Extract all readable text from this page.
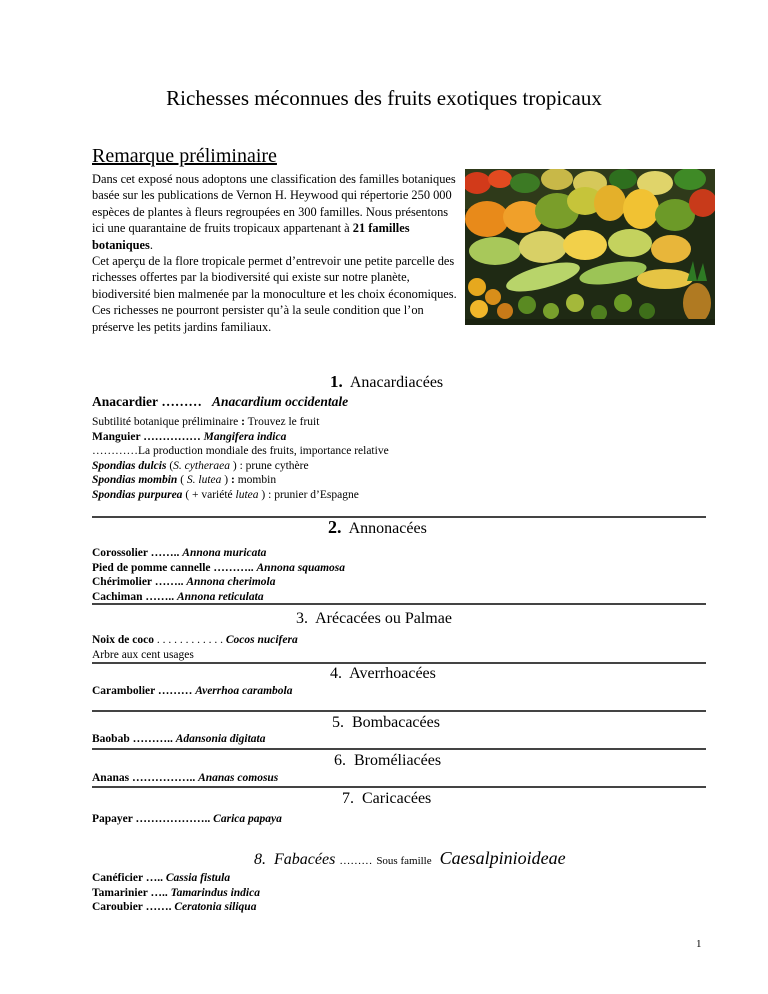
Richesses méconnues des fruits exotiques tropicaux
Remarque préliminaire
Dans cet exposé nous adoptons une classification des familles botaniques basée sur les publications de Vernon H. Heywood qui répertorie 250 000 espèces de plantes à fleurs regroupées en 300 familles. Nous présentons ici une quarantaine de fruits tropicaux appartenant à 21 familles botaniques.
Cet aperçu de la flore tropicale permet d’entrevoir une petite parcelle des richesses offertes par la biodiversité qui existe sur notre planète, biodiversité bien malmenée par la monoculture et les choix économiques. Ces richesses ne pourront persister qu’à la seule condition que l’on préserve les petits jardins familiaux.
1. Anacardiacées
Anacardier ……… Anacardium occidentale
Subtilité botanique préliminaire : Trouvez le fruit
Manguier …………… Mangifera indica
…………La production mondiale des fruits, importance relative
Spondias dulcis (S. cytheraea ) : prune cythère
Spondias mombin ( S. lutea ) : mombin
Spondias purpurea ( + variété lutea ) : prunier d’Espagne
2. Annonacées
Corossolier …….. Annona muricata
Pied de pomme cannelle ……….. Annona squamosa
Chérimolier …….. Annona cherimola
Cachiman …….. Annona reticulata
3. Arécacées ou Palmae
Noix de coco . . . . . . . . . . . . Cocos nucifera
Arbre aux cent usages
4. Averrhoacées
Carambolier ……… Averrhoa carambola
5. Bombacacées
Baobab ……….. Adansonia digitata
6. Broméliacées
Ananas …………….. Ananas comosus
7. Caricacées
Papayer ……………….. Carica papaya
8. Fabacées ……… Sous famille Caesalpinioideae
Canéficier ….. Cassia fistula
Tamarinier ….. Tamarindus indica
Caroubier ……. Ceratonia siliqua
1
